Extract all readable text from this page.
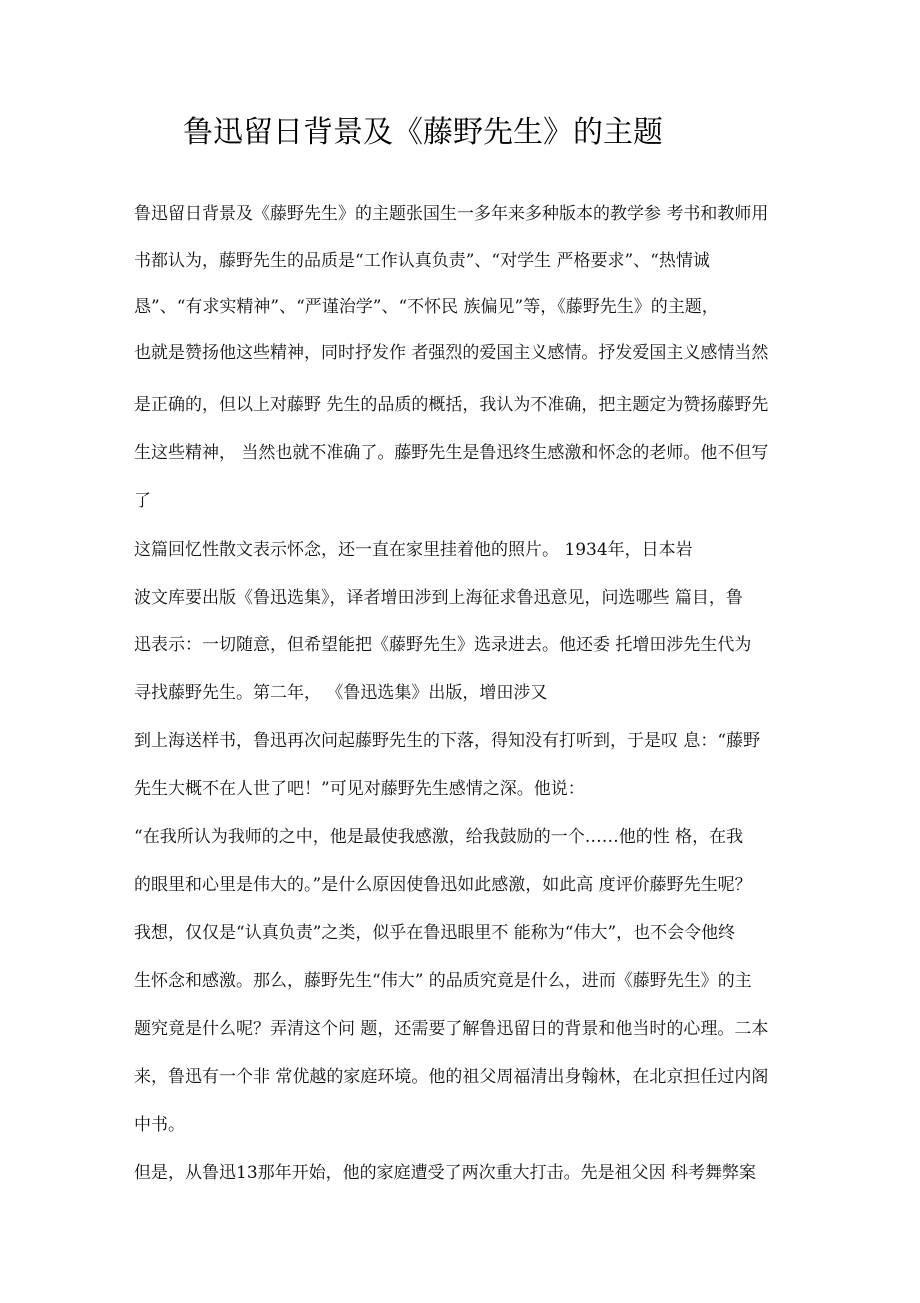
鲁迅留日背景及《藤野先生》的主题
鲁迅留日背景及《藤野先生》的主题张国生一多年来多种版本的教学参 考书和教师用
书都认为，藤野先生的品质是“工作认真负责”、“对学生 严格要求”、“热情诚
恳”、“有求实精神”、“严谨治学”、“不怀民 族偏见”等，《藤野先生》的主题，
也就是赞扬他这些精神，同时抒发作 者强烈的爱国主义感情。抒发爱国主义感情当然
是正确的，但以上对藤野 先生的品质的概括，我认为不准确，把主题定为赞扬藤野先
生这些精神， 当然也就不准确了。藤野先生是鲁迅终生感激和怀念的老师。他不但写
了
这篇回忆性散文表示怀念，还一直在家里挂着他的照片。 1934年，日本岩
波文库要出版《鲁迅选集》，译者增田涉到上海征求鲁迅意见，问选哪些 篇目，鲁
迅表示：一切随意，但希望能把《藤野先生》选录进去。他还委 托增田涉先生代为
寻找藤野先生。第二年， 《鲁迅选集》出版，增田涉又
到上海送样书，鲁迅再次问起藤野先生的下落，得知没有打听到，于是叹 息：“藤野
先生大概不在人世了吧！”可见对藤野先生感情之深。他说：
“在我所认为我师的之中，他是最使我感激，给我鼓励的一个……他的性 格，在我
的眼里和心里是伟大的。”是什么原因使鲁迅如此感激，如此高 度评价藤野先生呢？
我想，仅仅是“认真负责”之类，似乎在鲁迅眼里不 能称为“伟大”，也不会令他终
生怀念和感激。那么，藤野先生“伟大” 的品质究竟是什么，进而《藤野先生》的主
题究竟是什么呢？弄清这个问 题，还需要了解鲁迅留日的背景和他当时的心理。二本
来，鲁迅有一个非 常优越的家庭环境。他的祖父周福清出身翰林，在北京担任过内阁
中书。
但是，从鲁迅13那年开始，他的家庭遭受了两次重大打击。先是祖父因 科考舞弊案
